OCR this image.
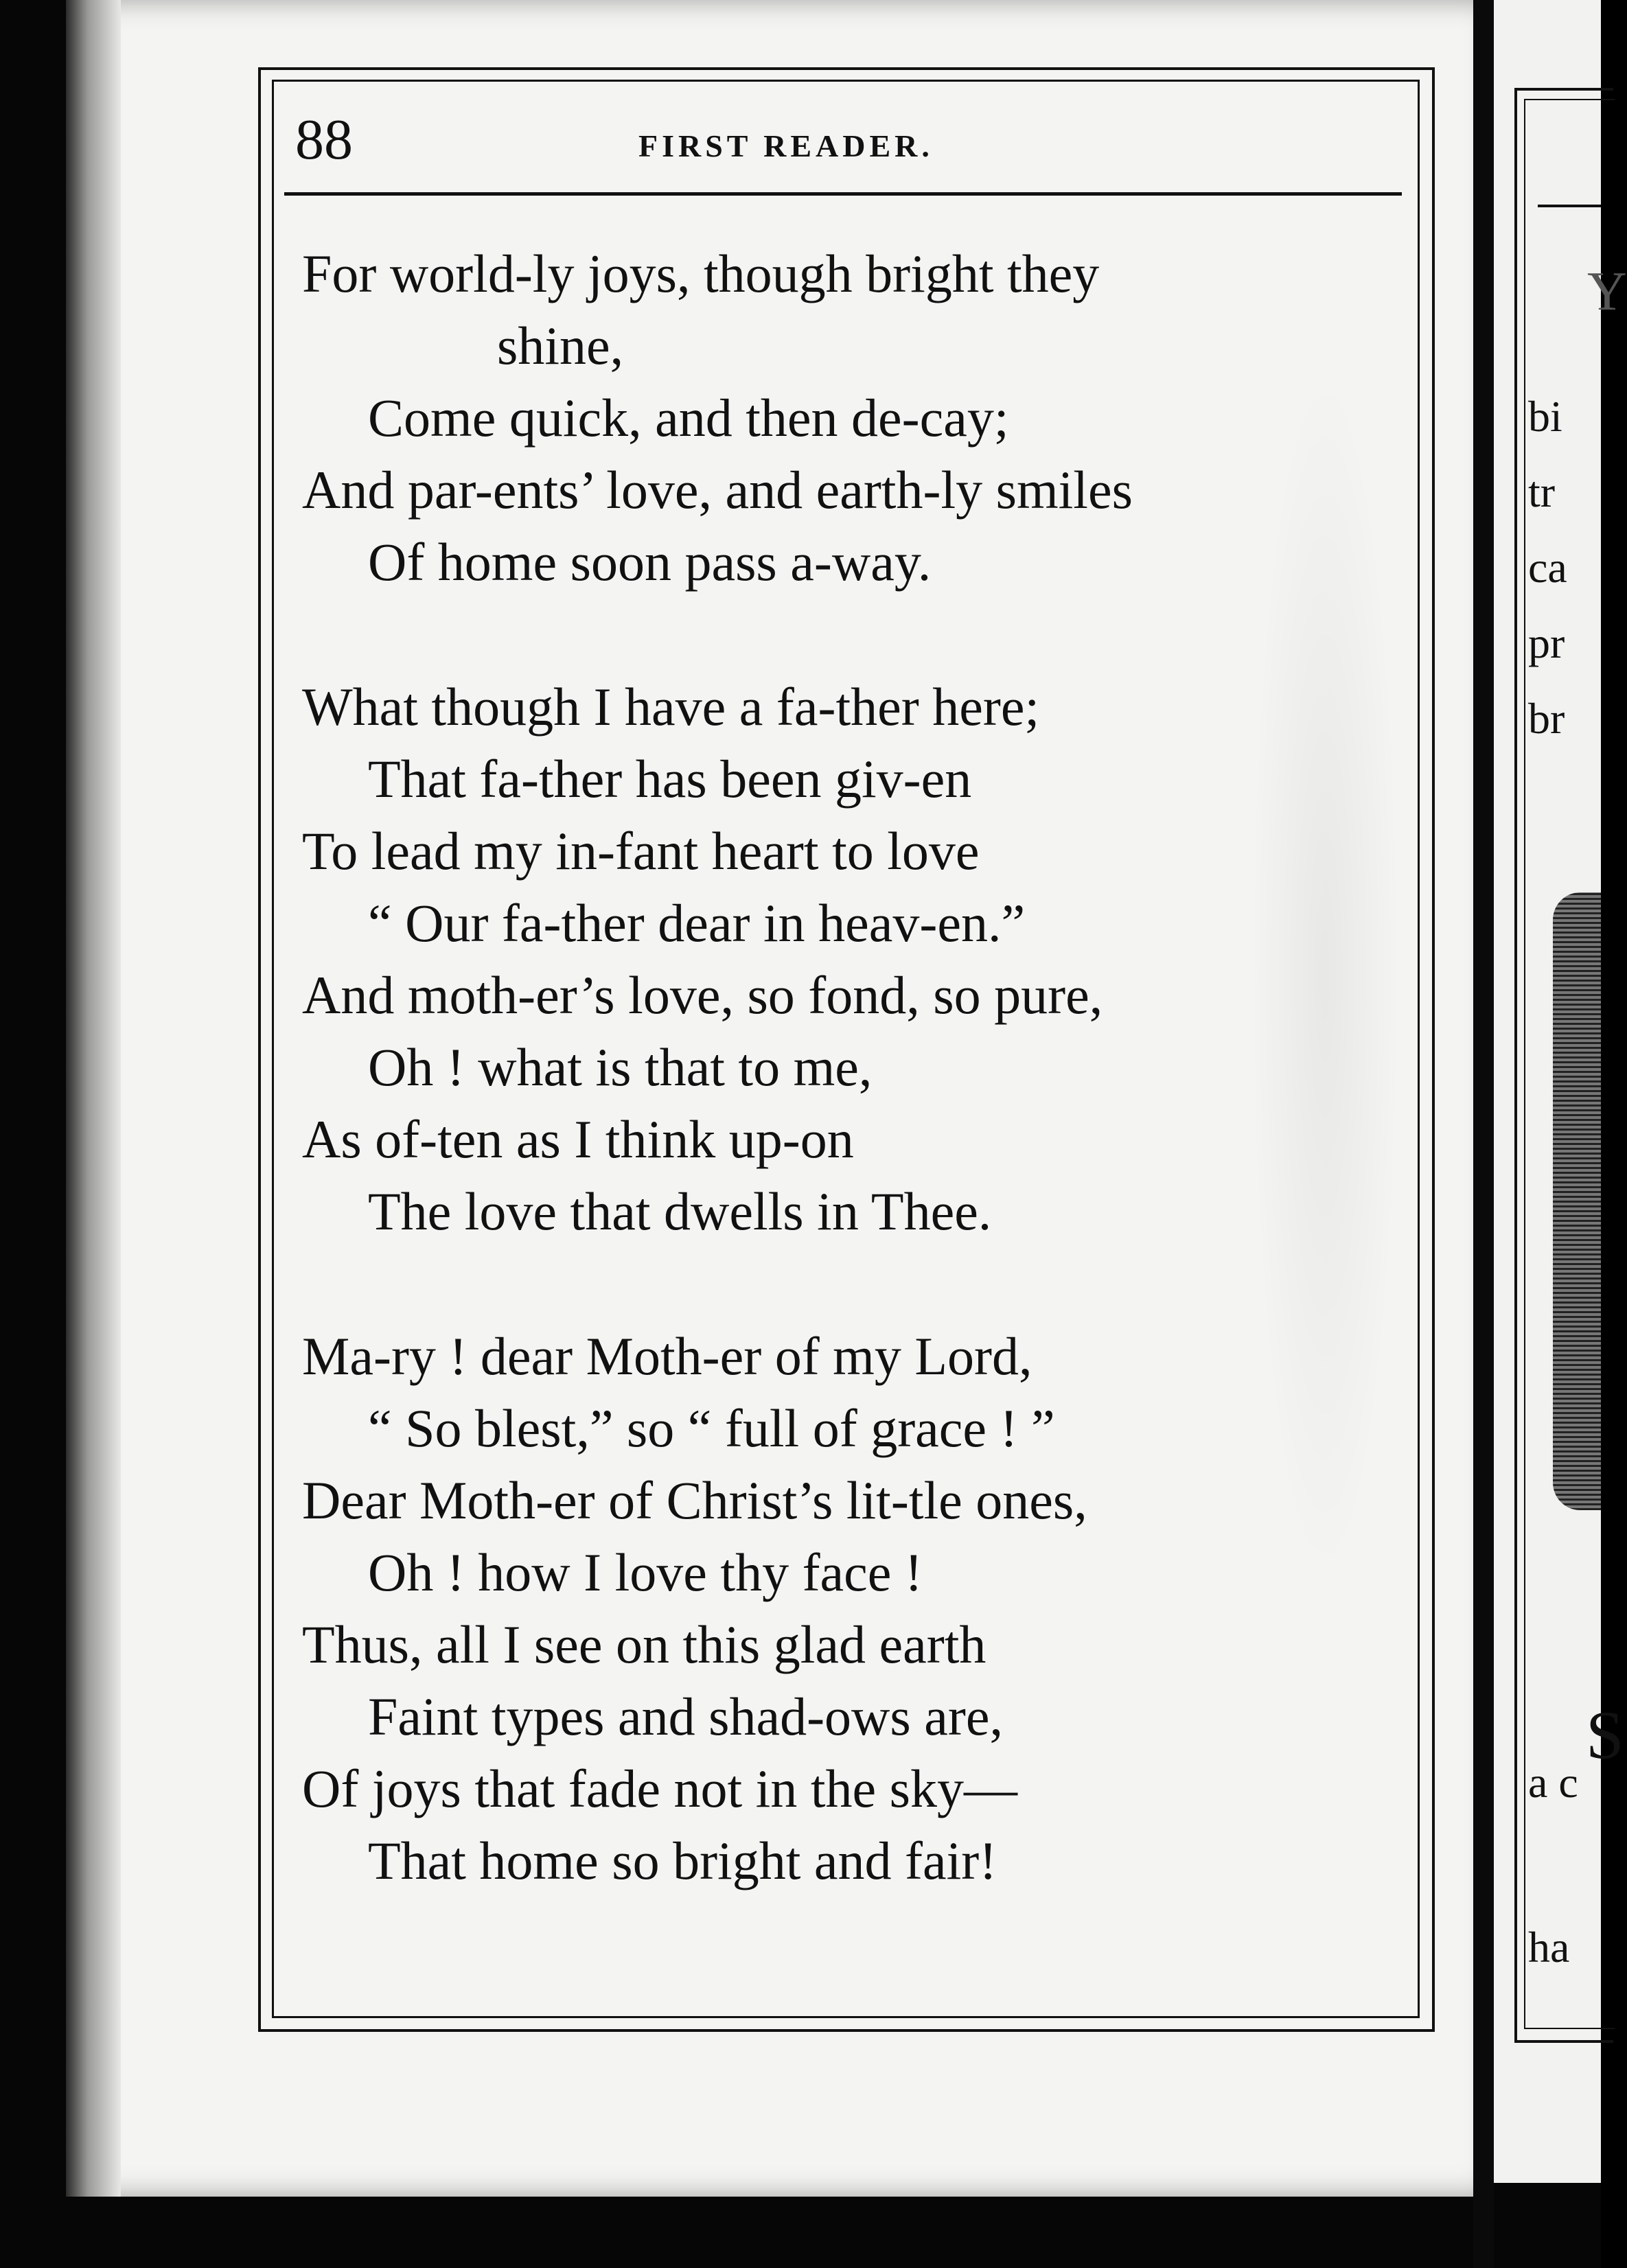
Y
bi
tr
ca
pr
br
a c
ha
S
88	FIRST READER.
For world-ly joys, though bright they
shine,
Come quick, and then de-cay;
And par-ents’ love, and earth-ly smiles
Of home soon pass a-way.
What though I have a fa-ther here;
That fa-ther has been giv-en
To lead my in-fant heart to love
“ Our fa-ther dear in heav-en.”
And moth-er’s love, so fond, so pure,
Oh ! what is that to me,
As of-ten as I think up-on
The love that dwells in Thee.
Ma-ry ! dear Moth-er of my Lord,
“ So blest,” so “ full of grace ! ”
Dear Moth-er of Christ’s lit-tle ones,
Oh ! how I love thy face !
Thus, all I see on this glad earth
Faint types and shad-ows are,
Of joys that fade not in the sky—
That home so bright and fair!
